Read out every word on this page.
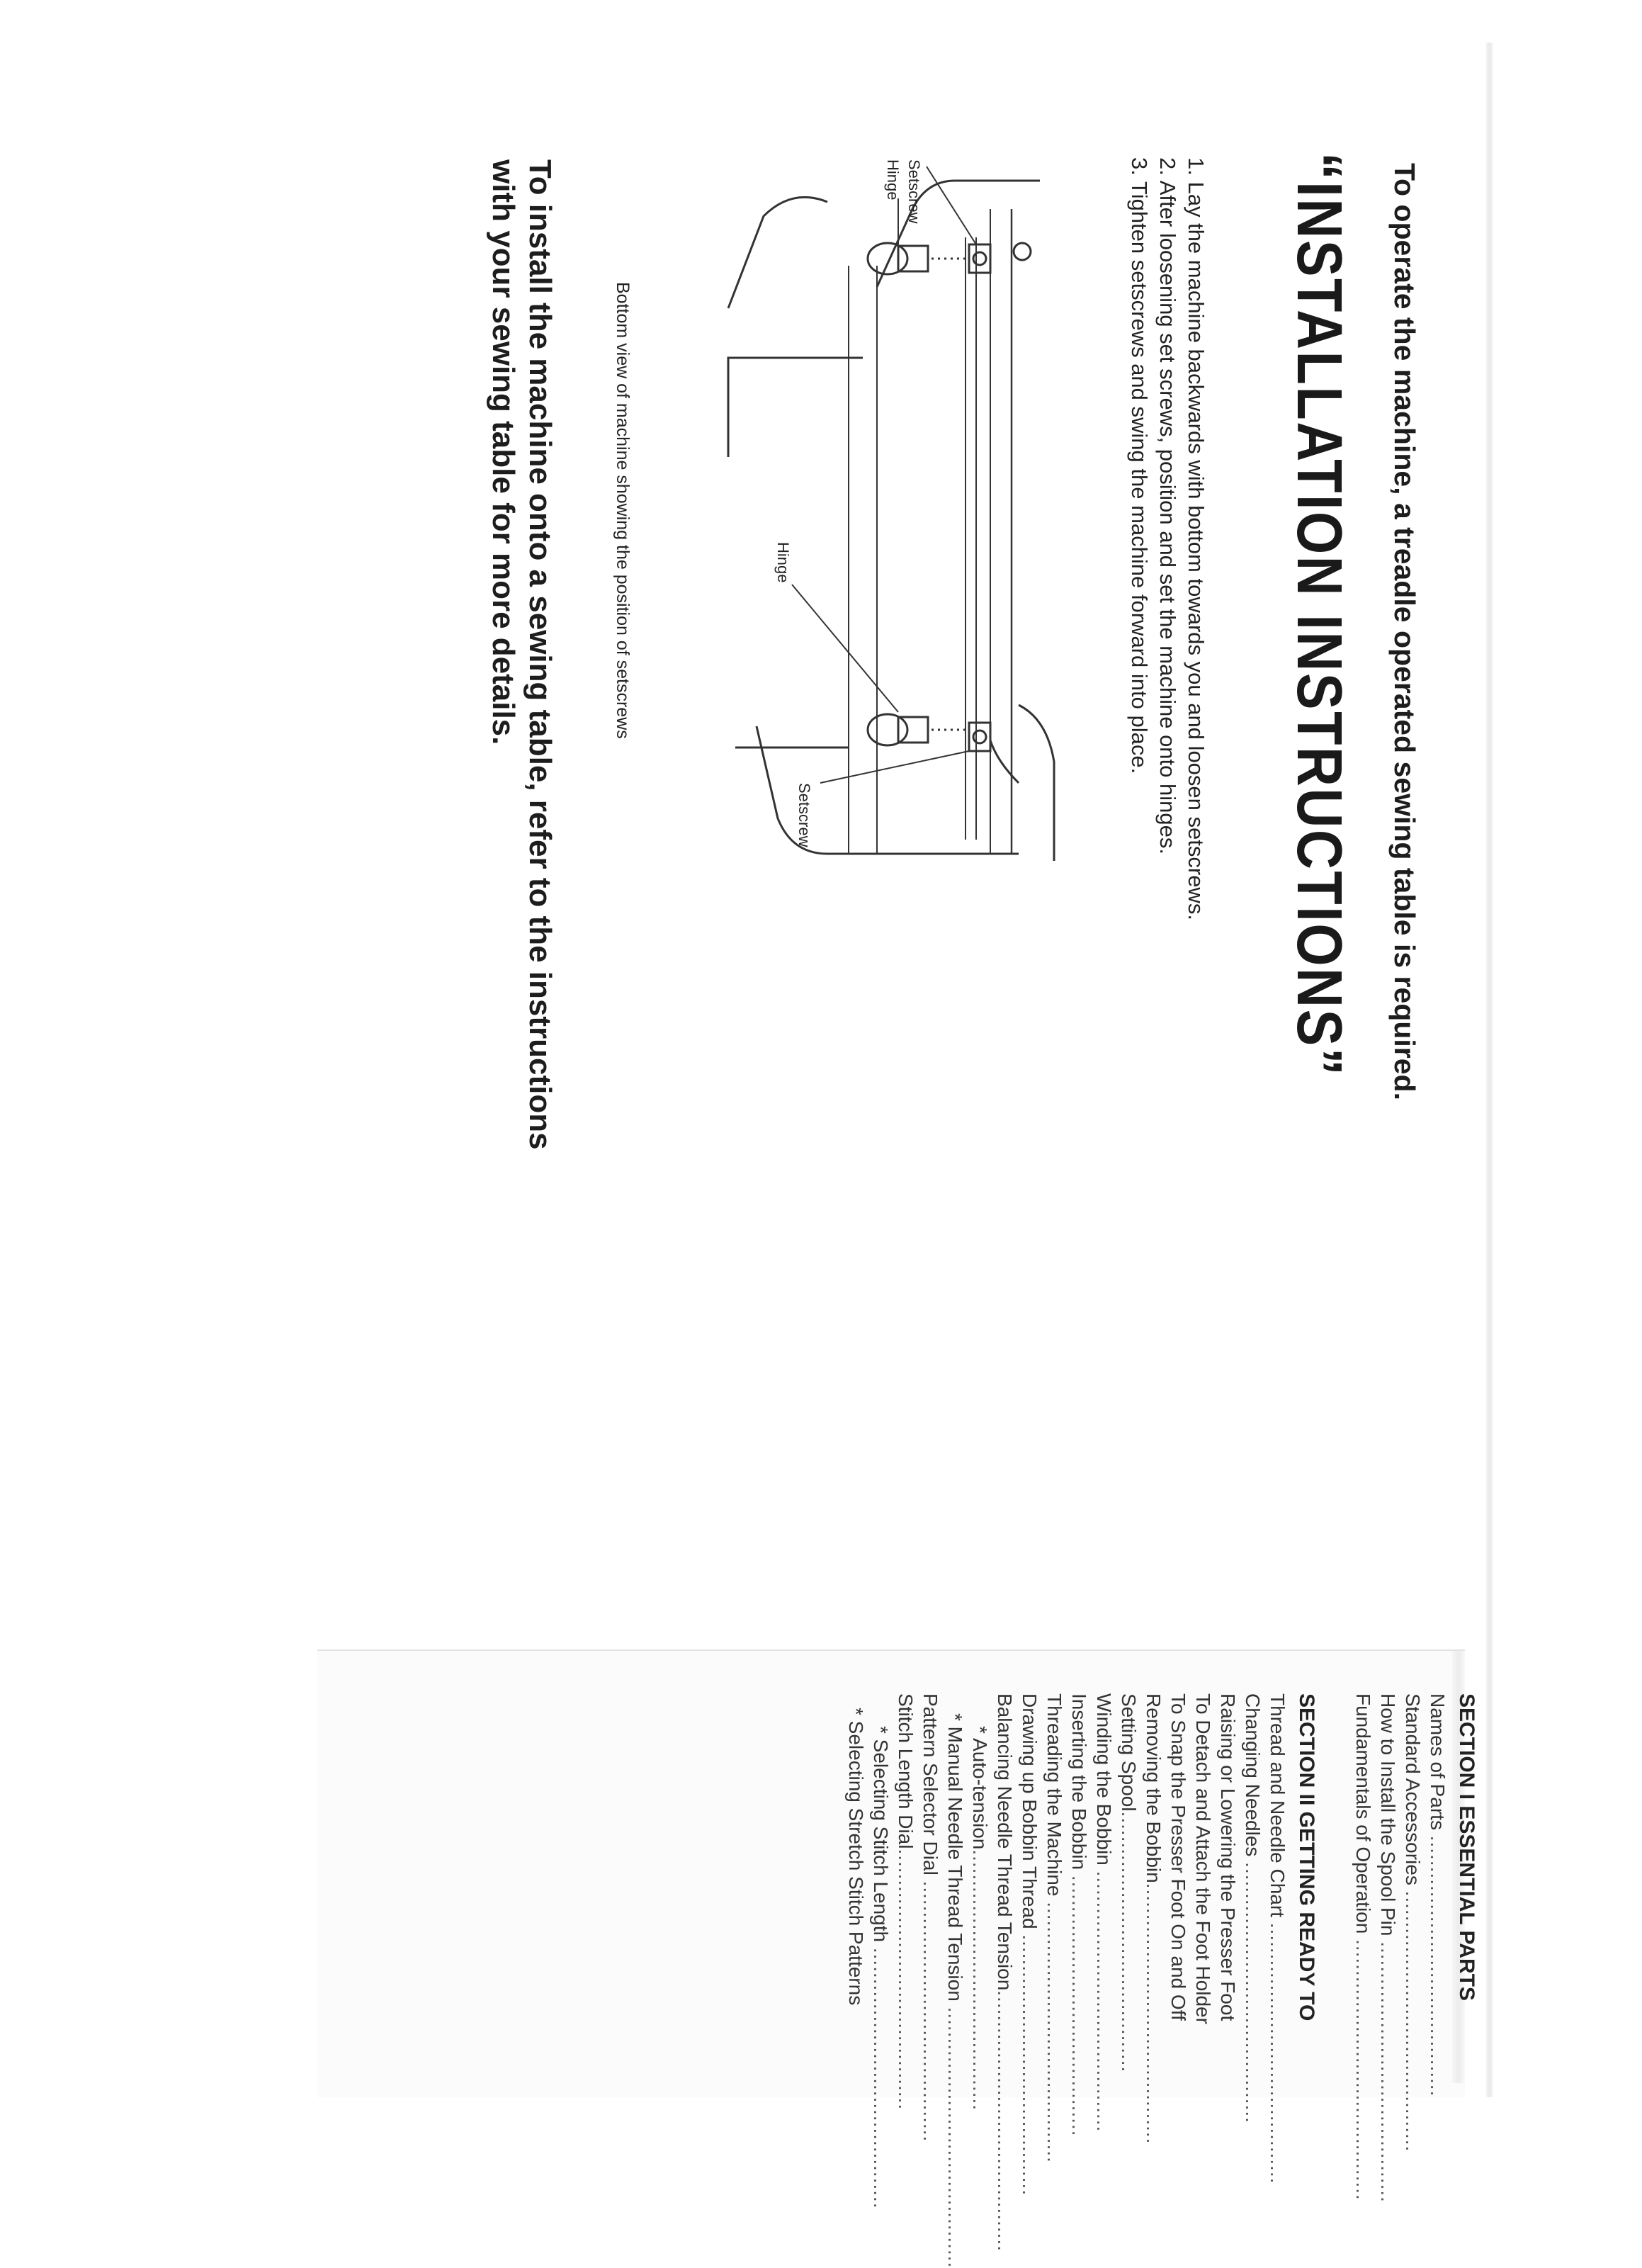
To operate the machine, a treadle operated sewing table is required.
“INSTALLATION INSTRUCTIONS”
1. Lay the machine backwards with bottom towards you and loosen setscrews.
2. After loosening set screws, position and set the machine onto hinges.
3. Tighten setscrews and swing the machine forward into place.
Setscrew
Hinge
Hinge
Setscrew
Bottom view of machine showing the position of setscrews
To install the machine onto a sewing table, refer to the instructions
with your sewing table for more details.
SECTION I ESSENTIAL PARTS
Names of Parts ..........................................
Standard Accessories ..........................................
How to Install the Spool Pin ..........................................
Fundamentals of Operation ..........................................
SECTION II GETTING READY TO
Thread and Needle Chart ..........................................
Changing Needles ..........................................
Raising or Lowering the Presser Foot
To Detach and Attach the Foot Holder
To Snap the Presser Foot On and Off
Removing the Bobbin..........................................
Setting Spool..........................................
Winding the Bobbin ..........................................
Inserting the Bobbin ..........................................
Threading the Machine ..........................................
Drawing up Bobbin Thread ..........................................
Balancing Needle Thread Tension..........................................
* Auto-tension..........................................
* Manual Needle Thread Tension ..........................................
Pattern Selector Dial ..........................................
Stitch Length Dial..........................................
* Selecting Stitch Length ..........................................
* Selecting Stretch Stitch Patterns
